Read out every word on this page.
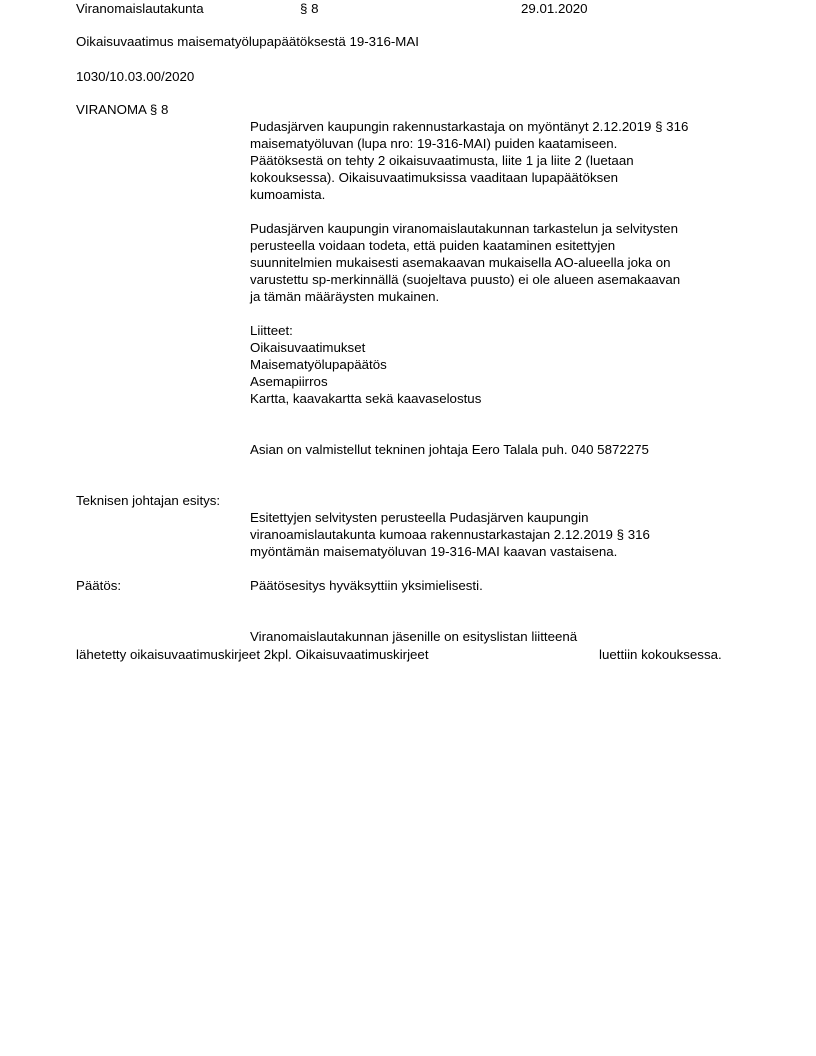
Viranomaislautakunta	§ 8	29.01.2020
Oikaisuvaatimus maisematyölupapäätöksestä 19-316-MAI
1030/10.03.00/2020
VIRANOMA § 8
Pudasjärven kaupungin rakennustarkastaja on myöntänyt 2.12.2019 § 316
maisematyöluvan (lupa nro: 19-316-MAI) puiden kaatamiseen.
Päätöksestä on tehty 2 oikaisuvaatimusta, liite 1 ja liite 2 (luetaan
kokouksessa). Oikaisuvaatimuksissa vaaditaan lupapäätöksen
kumoamista.
Pudasjärven kaupungin viranomaislautakunnan tarkastelun ja selvitysten
perusteella voidaan todeta, että puiden kaataminen esitettyjen
suunnitelmien mukaisesti asemakaavan mukaisella AO-alueella joka on
varustettu sp-merkinnällä (suojeltava puusto) ei ole alueen asemakaavan
ja tämän määräysten mukainen.
Liitteet:
Oikaisuvaatimukset
Maisematyölupapäätös
Asemapiirros
Kartta, kaavakartta sekä kaavaselostus
Asian on valmistellut tekninen johtaja Eero Talala puh. 040 5872275
Teknisen johtajan esitys:
Esitettyjen selvitysten perusteella Pudasjärven kaupungin
viranoamislautakunta kumoaa rakennustarkastajan 2.12.2019 § 316
myöntämän maisematyöluvan 19-316-MAI kaavan vastaisena.
Päätös:	Päätösesitys hyväksyttiin yksimielisesti.
Viranomaislautakunnan jäsenille on esityslistan liitteenä
lähetetty oikaisuvaatimuskirjeet 2kpl. Oikaisuvaatimuskirjeet	luettiin kokouksessa.
